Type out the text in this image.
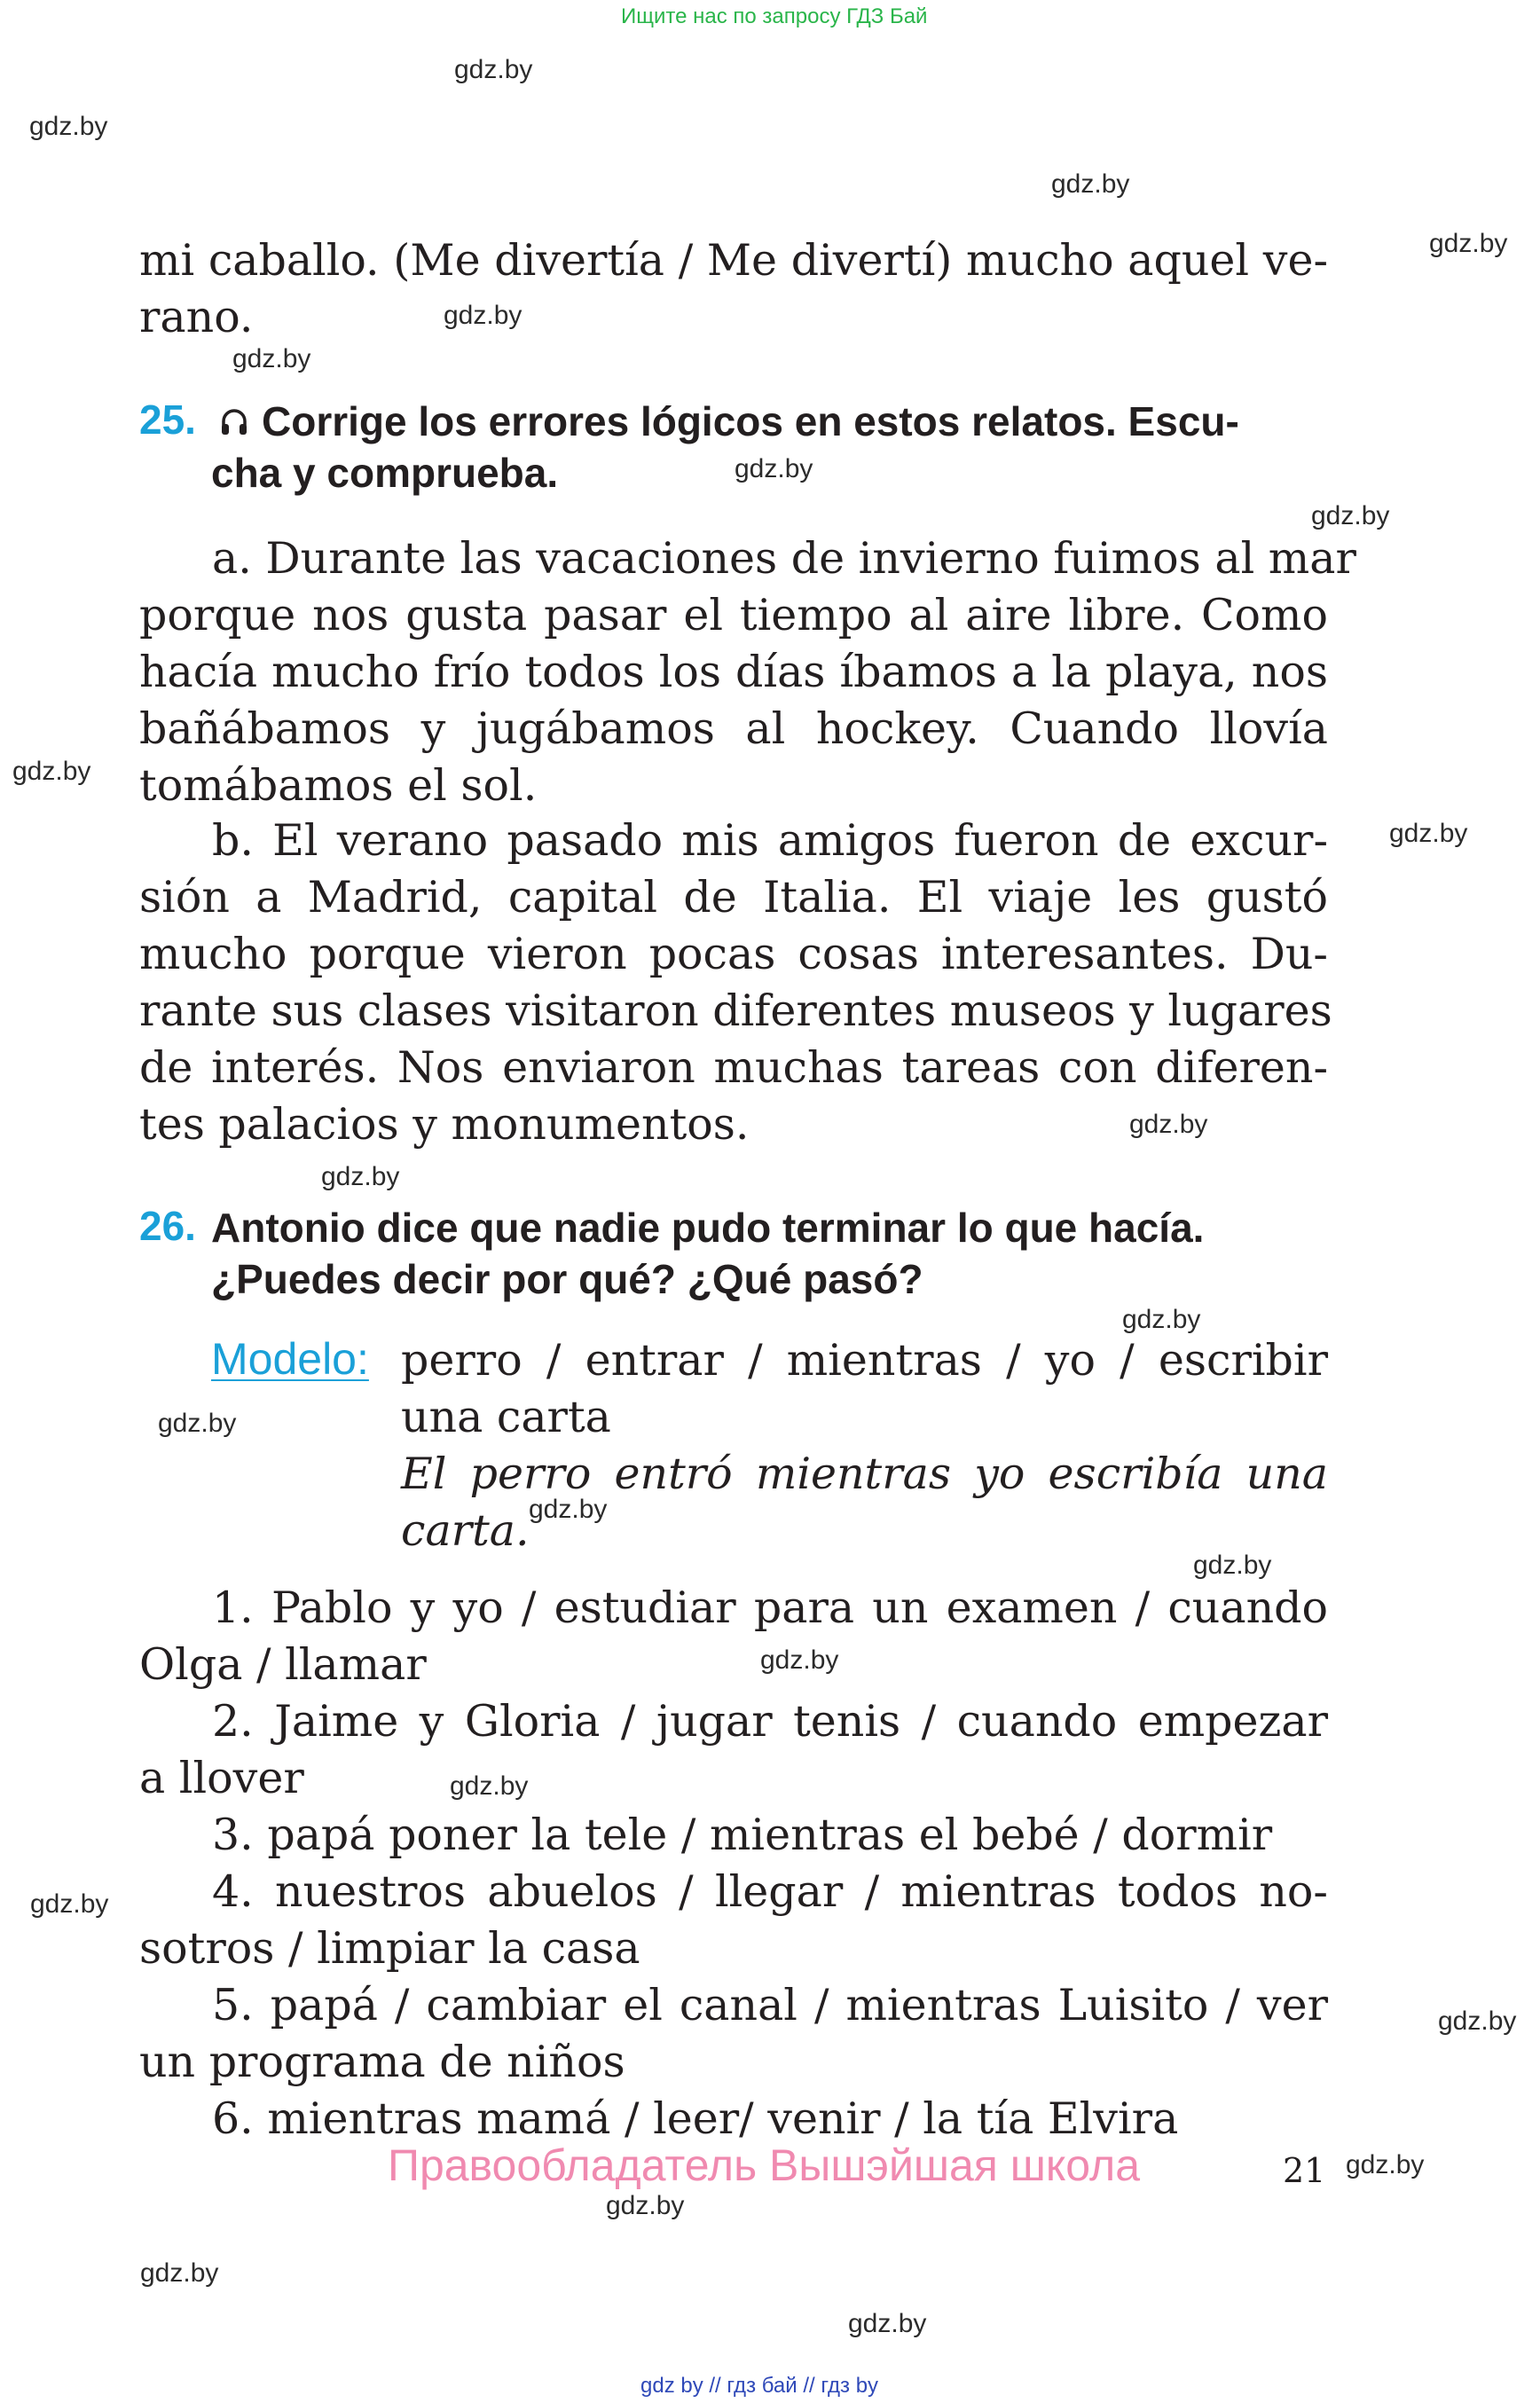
Ищите нас по запросу ГДЗ Бай
mi caballo. (Me divertía / Me divertí) mucho aquel ve-
rano.
25. Corrige los errores lógicos en estos relatos. Escu-
cha y comprueba.
a. Durante las vacaciones de invierno fuimos al mar
porque nos gusta pasar el tiempo al aire libre. Como
hacía mucho frío todos los días íbamos a la playa, nos
bañábamos y jugábamos al hockey. Cuando llovía
tomábamos el sol.
b. El verano pasado mis amigos fueron de excur-
sión a Madrid, capital de Italia. El viaje les gustó
mucho porque vieron pocas cosas interesantes. Du-
rante sus clases visitaron diferentes museos y lugares
de interés. Nos enviaron muchas tareas con diferen-
tes palacios y monumentos.
26. Antonio dice que nadie pudo terminar lo que hacía.
¿Puedes decir por qué? ¿Qué pasó?
Modelo: perro / entrar / mientras / yo / escribir
una carta
El perro entró mientras yo escribía una
carta.
1. Pablo y yo / estudiar para un examen / cuando
Olga / llamar
2. Jaime y Gloria / jugar tenis / cuando empezar
a llover
3. papá poner la tele / mientras el bebé / dormir
4. nuestros abuelos / llegar / mientras todos no-
sotros / limpiar la casa
5. papá / cambiar el canal / mientras Luisito / ver
un programa de niños
6. mientras mamá / leer/ venir / la tía Elvira
Правообладатель Вышэйшая школа	21
gdz by // гдз бай // гдз by
gdz.by
gdz.by
gdz.by
gdz.by
gdz.by
gdz.by
gdz.by
gdz.by
gdz.by
gdz.by
gdz.by
gdz.by
gdz.by
gdz.by
gdz.by
gdz.by
gdz.by
gdz.by
gdz.by
gdz.by
gdz.by
gdz.by
gdz.by
gdz.by
